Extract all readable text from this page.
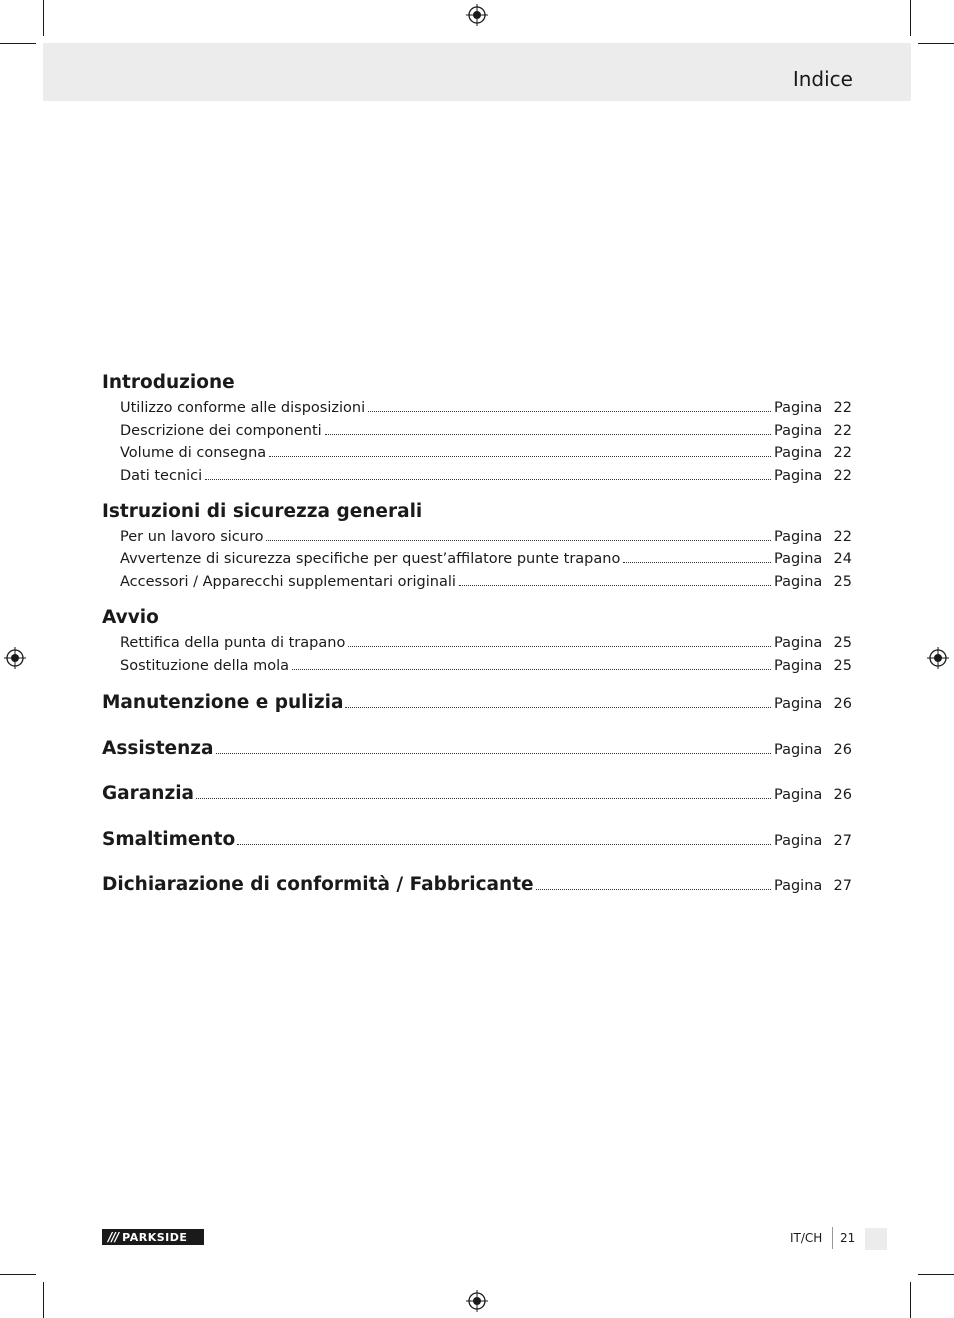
Indice
Introduzione
Utilizzo conforme alle disposizioni	Pagina 22
Descrizione dei componenti	Pagina 22
Volume di consegna	Pagina 22
Dati tecnici	Pagina 22
Istruzioni di sicurezza generali
Per un lavoro sicuro	Pagina 22
Avvertenze di sicurezza specifiche per quest’affilatore punte trapano	Pagina 24
Accessori / Apparecchi supplementari originali	Pagina 25
Avvio
Rettifica della punta di trapano	Pagina 25
Sostituzione della mola	Pagina 25
Manutenzione e pulizia	Pagina 26
Assistenza	Pagina 26
Garanzia	Pagina 26
Smaltimento	Pagina 27
Dichiarazione di conformità / Fabbricante	Pagina 27
/// PARKSIDE	IT/CH 21
